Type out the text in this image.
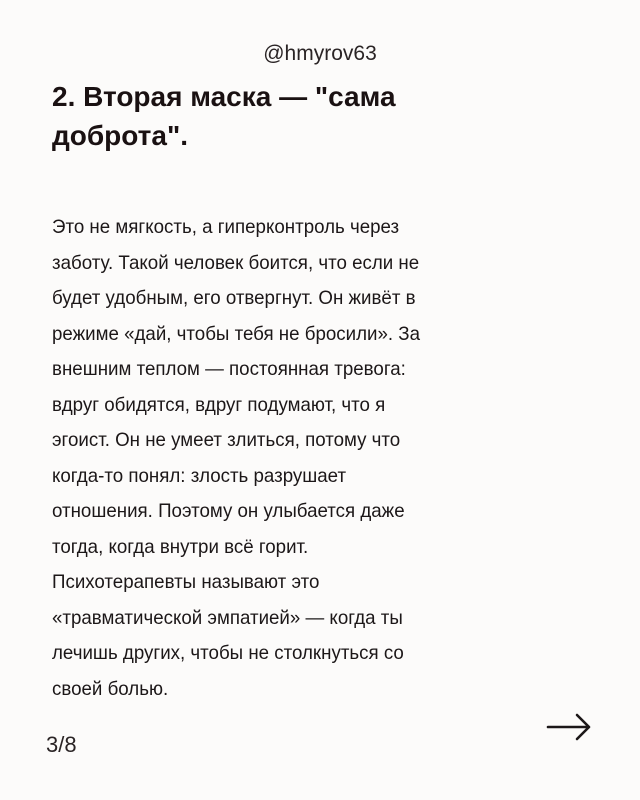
@hmyrov63
2. Вторая маска — "сама
доброта".
Это не мягкость, а гиперконтроль через
заботу. Такой человек боится, что если не
будет удобным, его отвергнут. Он живёт в
режиме «дай, чтобы тебя не бросили». За
внешним теплом — постоянная тревога:
вдруг обидятся, вдруг подумают, что я
эгоист. Он не умеет злиться, потому что
когда-то понял: злость разрушает
отношения. Поэтому он улыбается даже
тогда, когда внутри всё горит.
Психотерапевты называют это
«травматической эмпатией» — когда ты
лечишь других, чтобы не столкнуться со
своей болью.
3/8
